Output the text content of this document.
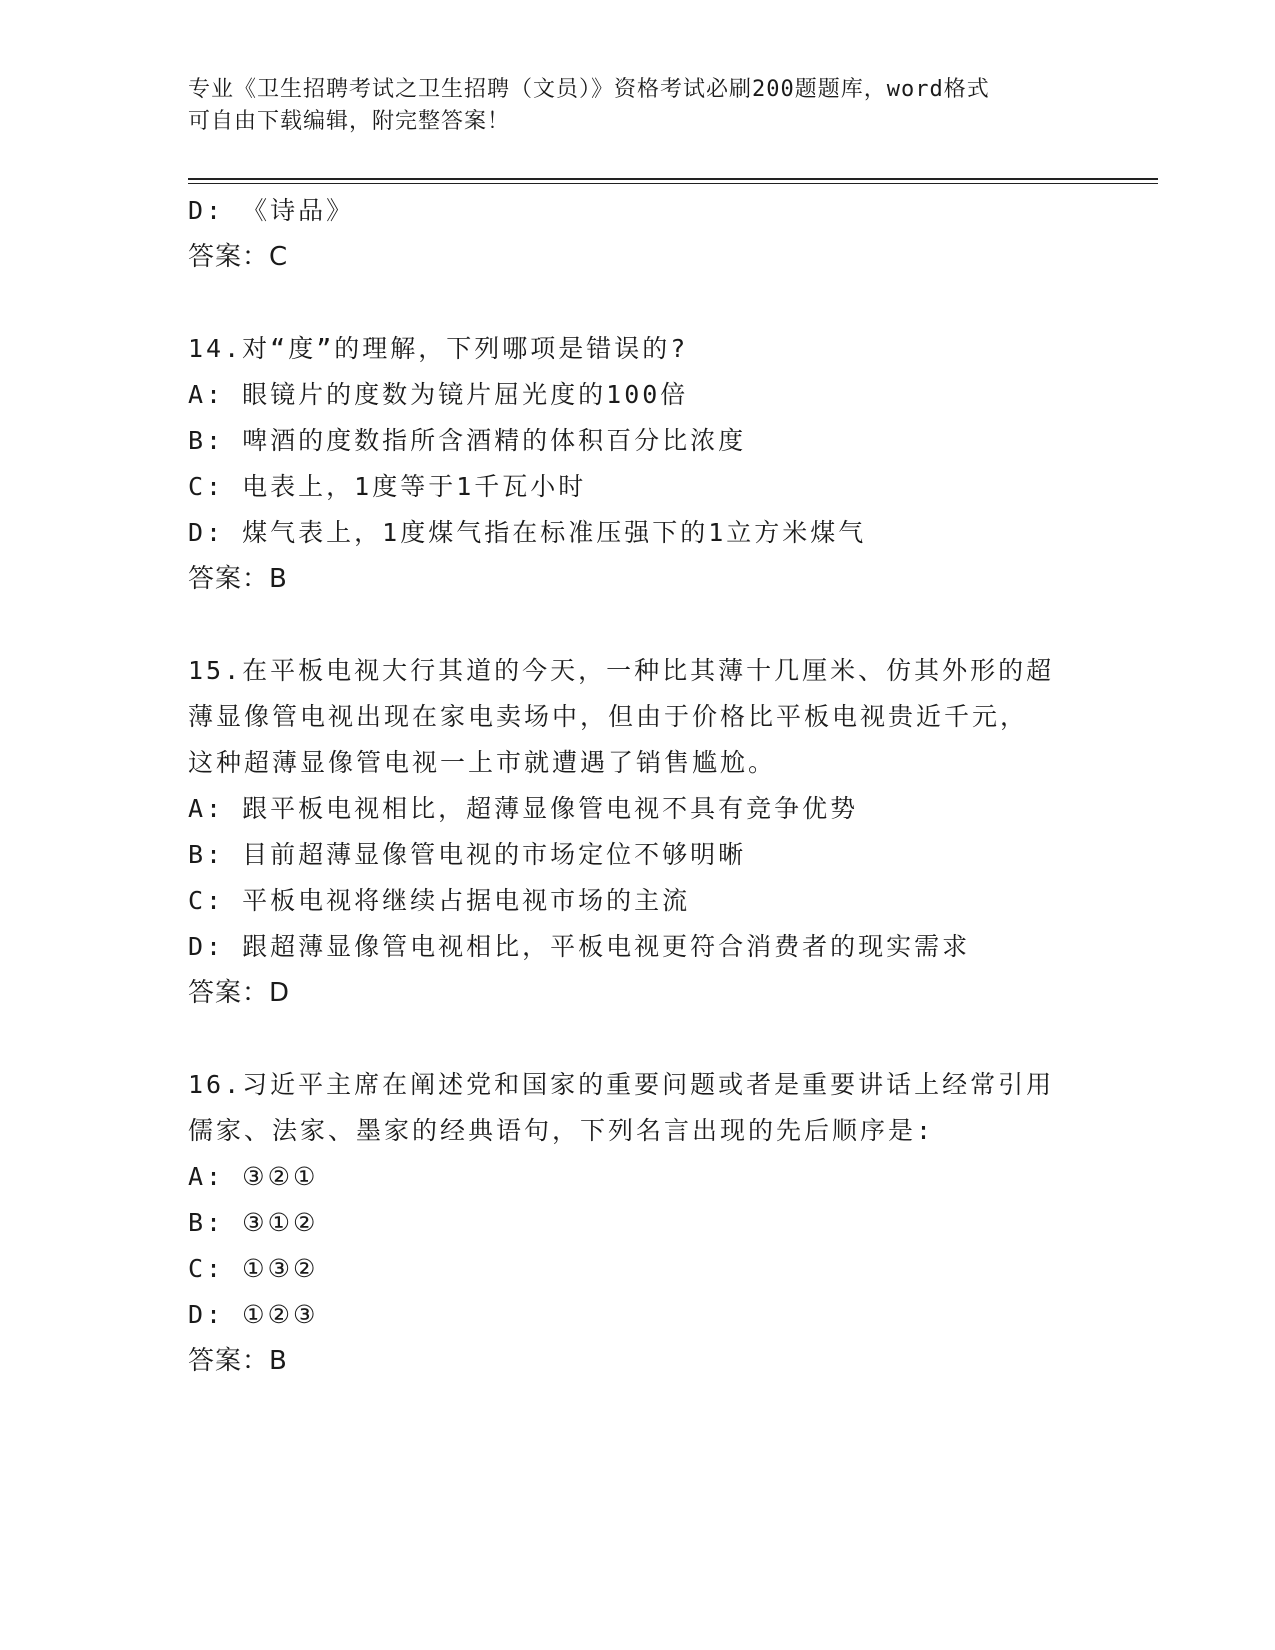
专业《卫生招聘考试之卫生招聘（文员）》资格考试必刷200题题库，word格式
可自由下载编辑，附完整答案！
D: 《诗品》
答案：C
14.对“度”的理解，下列哪项是错误的?
A: 眼镜片的度数为镜片屈光度的100倍
B: 啤酒的度数指所含酒精的体积百分比浓度
C: 电表上，1度等于1千瓦小时
D: 煤气表上，1度煤气指在标准压强下的1立方米煤气
答案：B
15.在平板电视大行其道的今天，一种比其薄十几厘米、仿其外形的超
薄显像管电视出现在家电卖场中，但由于价格比平板电视贵近千元，
这种超薄显像管电视一上市就遭遇了销售尴尬。
A: 跟平板电视相比，超薄显像管电视不具有竞争优势
B: 目前超薄显像管电视的市场定位不够明晰
C: 平板电视将继续占据电视市场的主流
D: 跟超薄显像管电视相比，平板电视更符合消费者的现实需求
答案：D
16.习近平主席在阐述党和国家的重要问题或者是重要讲话上经常引用
儒家、法家、墨家的经典语句，下列名言出现的先后顺序是:
A: ③②①
B: ③①②
C: ①③②
D: ①②③
答案：B
